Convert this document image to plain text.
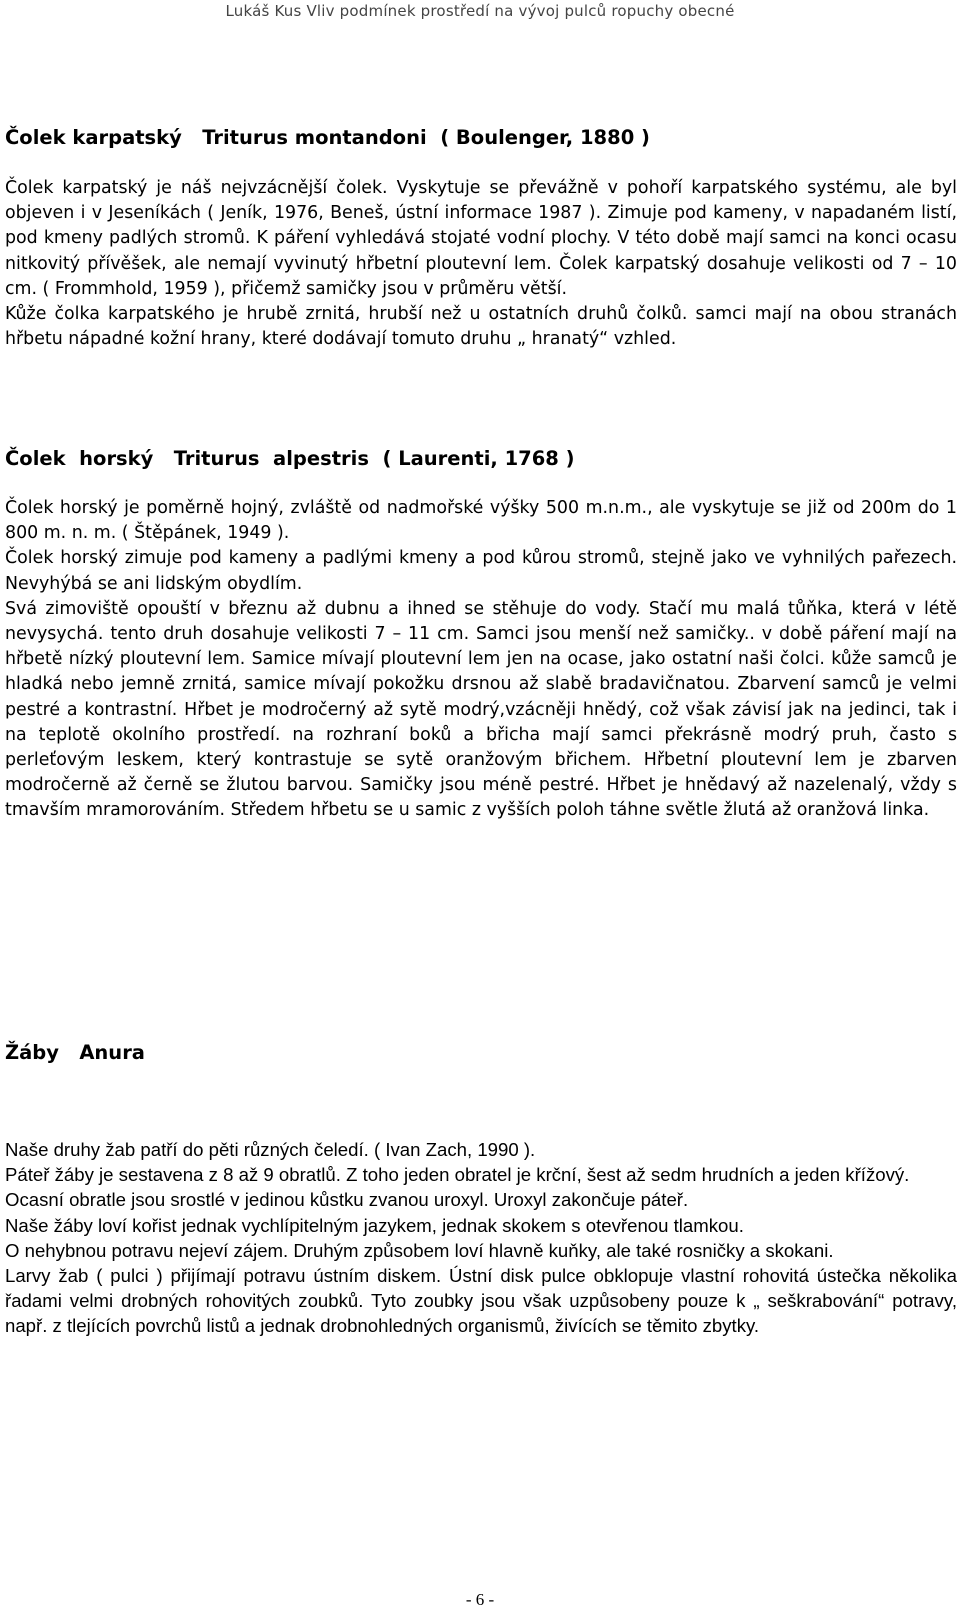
Lukáš Kus Vliv podmínek prostředí na vývoj pulců ropuchy obecné
Čolek karpatský   Triturus montandoni  ( Boulenger, 1880 )

Čolek karpatský je náš nejvzácnější čolek. Vyskytuje se převážně v pohoří karpatského systému, ale byl objeven i v Jeseníkách ( Jeník, 1976, Beneš, ústní informace 1987 ). Zimuje pod kameny, v napadaném listí, pod kmeny padlých stromů. K páření vyhledává stojaté vodní plochy. V této době mají samci na konci ocasu nitkovitý přívěšek, ale nemají vyvinutý hřbetní ploutevní lem. Čolek karpatský dosahuje velikosti od 7 – 10 cm. ( Frommhold, 1959 ), přičemž samičky jsou v průměru větší.

Kůže čolka karpatského je hrubě zrnitá, hrubší než u ostatních druhů čolků. samci mají na obou stranách hřbetu nápadné kožní hrany, které dodávají tomuto druhu „ hranatý“ vzhled.

Čolek  horský   Triturus  alpestris  ( Laurenti, 1768 )

Čolek horský je poměrně hojný, zvláště od nadmořské výšky 500 m.n.m., ale vyskytuje se již od 200m do 1 800 m. n. m. ( Štěpánek, 1949 ).

Čolek horský zimuje pod kameny a padlými kmeny a pod kůrou stromů, stejně jako ve vyhnilých pařezech. Nevyhýbá se ani lidským obydlím.

Svá zimoviště opouští v březnu až dubnu a ihned se stěhuje do vody. Stačí mu malá tůňka, která v létě nevysychá. tento druh dosahuje velikosti 7 – 11 cm. Samci jsou menší než samičky.. v době páření mají na hřbetě nízký ploutevní lem. Samice mívají ploutevní lem jen na ocase, jako ostatní naši čolci. kůže samců je hladká nebo jemně zrnitá, samice mívají pokožku drsnou až slabě bradavičnatou. Zbarvení samců je velmi pestré a kontrastní. Hřbet je modročerný až sytě modrý,vzácněji hnědý, což však závisí jak na jedinci, tak i na teplotě okolního prostředí. na rozhraní boků a břicha mají samci překrásně modrý pruh, často s perleťovým leskem, který kontrastuje se sytě oranžovým břichem. Hřbetní ploutevní lem je zbarven modročerně až černě se žlutou barvou. Samičky jsou méně pestré. Hřbet je hnědavý až nazelenalý, vždy s tmavším mramorováním. Středem hřbetu se u samic z vyšších poloh táhne světle žlutá až oranžová linka.

Žáby   Anura

Naše druhy žab patří do pěti různých čeledí. ( Ivan Zach, 1990 ).

Páteř žáby je sestavena z 8 až 9 obratlů. Z toho jeden obratel je krční, šest až sedm hrudních a jeden křížový.

Ocasní obratle jsou srostlé v jedinou kůstku zvanou uroxyl. Uroxyl zakončuje páteř.

Naše žáby loví kořist jednak vychlípitelným jazykem, jednak skokem s otevřenou tlamkou.

O nehybnou potravu nejeví zájem. Druhým způsobem loví hlavně kuňky, ale také rosničky a skokani.

Larvy žab ( pulci ) přijímají potravu ústním diskem. Ústní disk pulce obklopuje vlastní rohovitá ústečka několika řadami velmi drobných rohovitých zoubků. Tyto zoubky jsou však uzpůsobeny pouze k „ seškrabování“ potravy, např. z tlejících povrchů listů a jednak drobnohledných organismů, živících se těmito zbytky.

- 6 -
